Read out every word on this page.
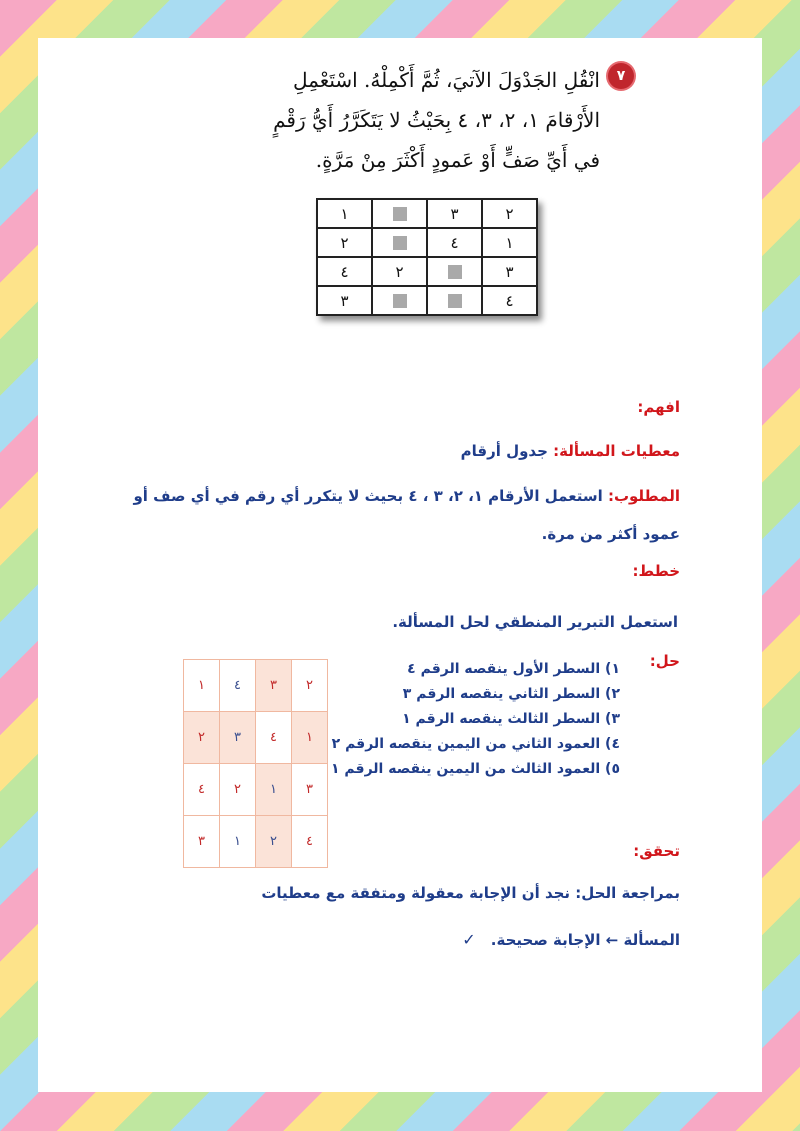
٧
انْقُلِ الجَدْوَلَ الآتيَ، ثُمَّ أَكْمِلْهُ. اسْتَعْمِلِ
الأَرْقامَ ١، ٢، ٣، ٤ بِحَيْثُ لا يَتَكَرَّرُ أَيُّ رَقْمٍ
في أَيِّ صَفٍّ أَوْ عَمودٍ أَكْثَرَ مِنْ مَرَّةٍ.
٢	٣		١
١	٤		٢
٣		٢	٤
٤			٣
افهم:
معطيات المسألة: جدول أرقام
المطلوب: استعمل الأرقام ١، ٢، ٣ ، ٤ بحيث لا يتكرر أي رقم في أي صف أو
عمود أكثر من مرة.
خطط:
استعمل التبرير المنطقي لحل المسألة.
حل:
٢	٣	٤	١
١	٤	٣	٢
٣	١	٢	٤
٤	٢	١	٣
١) السطر الأول ينقصه الرقم ٤
٢) السطر الثاني ينقصه الرقم ٣
٣) السطر الثالث ينقصه الرقم ١
٤) العمود الثاني من اليمين ينقصه الرقم ٢
٥) العمود الثالث من اليمين ينقصه الرقم ١
تحقق:
بمراجعة الحل: نجد أن الإجابة معقولة ومتفقة مع معطيات
المسألة ← الإجابة صحيحة. ✓
